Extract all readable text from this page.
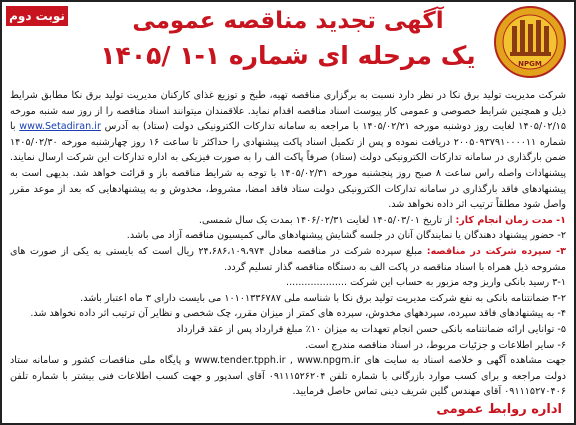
نوبت دوم	آگهی تجدید مناقصه عمومی
یک مرحله ای شماره ۱-۱ /۱۴۰۵	NPGM

شرکت مدیریت تولید برق نکا در نظر دارد نسبت به برگزاری مناقصه تهیه، طبخ و توزیع غذای کارکنان مدیریت تولید برق نکا مطابق شرایط ذیل و همچنین شرایط خصوصی و عمومی کار پیوست اسناد مناقصه اقدام نماید. علاقمندان میتوانند اسناد مناقصه را از روز سه شنبه مورخه ۱۴۰۵/۰۲/۱۵ لغایت روز دوشنبه مورخه ۱۴۰۵/۰۲/۲۱ با مراجعه به سامانه تدارکات الکترونیکی دولت (ستاد) به آدرس www.Setadiran.ir با شماره ۲۰۰۵۰۹۳۷۹۱۰۰۰۰۱۱ دریافت نموده و پس از تکمیل اسناد پاکت پیشنهادی را حداکثر تا ساعت ۱۶ روز چهارشنبه مورخه ۱۴۰۵/۰۲/۳۰ ضمن بارگذاری در سامانه تدارکات الکترونیکی دولت (ستاد) صرفاً پاکت الف را به صورت فیزیکی به اداره تدارکات این شرکت ارسال نمایند. پیشنهادات واصله راس ساعت ۸ صبح روز پنجشنبه مورخه ۱۴۰۵/۰۲/۳۱ با توجه به شرایط مناقصه باز و قرائت خواهد شد. بدیهی است به پیشنهادهای فاقد بارگذاری در سامانه تدارکات الکترونیکی دولت ستاد فاقد امضا، مشروط، مخدوش و به پیشنهادهایی که بعد از موعد مقرر واصل شود مطلقاً ترتیب اثر داده نخواهد شد.

۱- مدت زمان انجام کار: از تاریخ ۱۴۰۵/۰۳/۰۱ لغایت ۱۴۰۶/۰۲/۳۱ بمدت یک سال شمسی.

۲- حضور پیشنهاد دهندگان یا نمایندگان آنان در جلسه گشایش پیشنهادهای مالی کمیسیون مناقصه آزاد می باشد.

۳- سپرده شرکت در مناقصه: مبلغ سپرده شرکت در مناقصه معادل ۲۴،۶۸۶،۱۰۹،۹۷۴ ریال است که بایستی به یکی از صورت های مشروحه ذیل همراه با اسناد مناقصه در پاکت الف به دستگاه مناقصه گذار تسلیم گردد.

۳-۱ رسید بانکی واریز وجه مزبور به حساب این شرکت ....................

۳-۲ ضمانتنامه بانکی به نفع شرکت مدیریت تولید برق نکا با شناسه ملی ۱۰۱۰۱۳۳۶۷۸۷ می بایست دارای ۳ ماه اعتبار باشد.

۴- به پیشنهادهای فاقد سپرده، سپردههای مخدوش، سپرده های کمتر از میزان مقرر، چک شخصی و نظایر آن ترتیب اثر داده نخواهد شد.

۵- توانایی ارائه ضمانتنامه بانکی حسن انجام تعهدات به میزان ۱۰٪ مبلغ قرارداد پس از عقد قرارداد

۶- سایر اطلاعات و جزئیات مربوط، در اسناد مناقصه مندرج است.

جهت مشاهده آگهی و خلاصه اسناد به سایت های www.tender.tpph.ir , www.npgm.ir و پایگاه ملی مناقصات کشور و سامانه ستاد دولت مراجعه و برای کسب موارد بازرگانی با شماره تلفن ۰۹۱۱۱۵۲۶۲۰۴ آقای اسدپور و جهت کسب اطلاعات فنی بیشتر با شماره تلفن ۰۹۱۱۱۵۲۷۰۴۰۶ آقای مهندس گلین شریف دینی تماس حاصل فرمایید.

اداره روابط عمومی
